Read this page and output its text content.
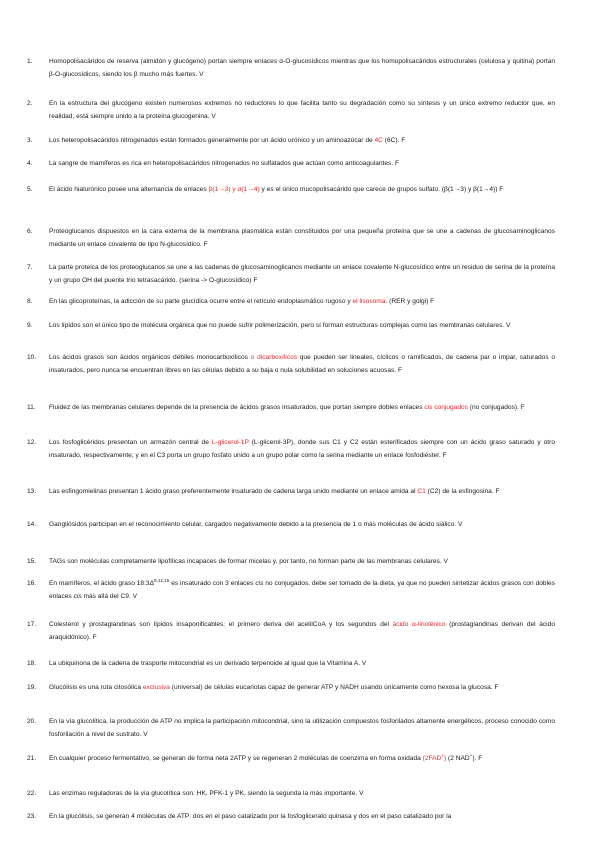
1.	Homopolisacáridos de reserva (almidón y glucógeno) portan siempre enlaces α-O-glucosídicos mientras que los homopolisacáridos estructurales (celulosa y quitina) portan β-O-glucosídicos, siendo los β mucho más fuertes. V
2.	En la estructura del glucógeno existen numerosos extremos no reductores lo que facilita tanto su degradación como su síntesis y un único extremo reductor que, en realidad, está siempre unido a la proteína glucogenina. V
3.	Los heteropolisacáridos nitrogenados están formados generalmente por un ácido urónico y un aminoazúcar de 4C (6C). F
4.	La sangre de mamíferos es rica en heteropolisacáridos nitrogenados no sulfatados que actúan como anticoagulantes. F
5.	El ácido hialurónico posee una alternancia de enlaces β(1→3) y α(1→4) y es el único mucopolisacárido que carece de grupos sulfato. (β(1→3) y β(1→4)) F
6.	Proteoglucanos dispuestos en la cara externa de la membrana plasmática están constituidos por una pequeña proteína que se une a cadenas de glucosaminoglicanos mediante un enlace covalente de tipo N-glucosídico. F
7.	La parte proteica de los proteoglucanos se une a las cadenas de glucosaminoglicanos mediante un enlace covalente N-glucosídico entre un residuo de serina de la proteína y un grupo OH del puente trio tetrasacárido. (serina -> O-glucosídico) F
8.	En las glicoproteínas, la adicción de su parte glucídica ocurre entre el retículo endoplasmático rugoso y el lisosoma. (RER y golgi) F
9.	Los lípidos son el único tipo de molécula orgánica que no puede sufrir polimerización, pero sí forman estructuras complejas como las membranas celulares. V
10.	Los ácidos grasos son ácidos orgánicos débiles monocarboxílicos o dicarboxílicos que pueden ser lineales, cíclicos o ramificados, de cadena par o impar, saturados o insaturados, pero nunca se encuentran libres en las células debido a su baja o nula solubilidad en soluciones acuosas. F
11.	Fluidez de las membranas celulares depende de la presencia de ácidos grasos insaturados, que portan siempre dobles enlaces cis conjugados (no conjugados). F
12.	Los fosfoglicéridos presentan un armazón central de L-glicerol-1P (L-glicerol-3P), donde sus C1 y C2 están esterificados siempre con un ácido graso saturado y otro insaturado, respectivamente; y en el C3 porta un grupo fosfato unido a un grupo polar como la serina mediante un enlace fosfodiéster. F
13.	Las esfingomielinas presentan 1 ácido graso preferentemente insaturado de cadena larga unido mediante un enlace amida al C1 (C2) de la esfingosina. F
14.	Gangliósidos participan en el reconocimiento celular, cargados negativamente debido a la presencia de 1 o más moléculas de ácido siálico. V
15.	TAGs son moléculas completamente lipofílicas incapaces de formar micelas y, por tanto, no forman parte de las membranas celulares. V
16.	En mamíferos, el ácido graso $18:3\Delta^{9,12,15}$ es insaturado con 3 enlaces cis no conjugados, debe ser tomado de la dieta, ya que no pueden sintetizar ácidos grasos con dobles enlaces cis más allá del C9. V
17.	Colesterol y prostaglandinas son lípidos insaponificables: el primero deriva del acetilCoA y los segundos del ácido α-linolénico (prostaglandinas derivan del ácido araquidónico). F
18.	La ubiquinona de la cadena de trasporte mitocondrial es un derivado terpenoide al igual que la Vitamina A. V
19.	Glucólisis es una ruta citosólica exclusiva (universal) de células eucariotas capaz de generar ATP y NADH usando únicamente como hexosa la glucosa. F
20.	En la vía glucolítica, la producción de ATP no implica la participación mitocondrial, sino la utilización compuestos fosforilados altamente energéticos, proceso conocido como fosforilación a nivel de sustrato. V
21.	En cualquier proceso fermentativo, se generan de forma neta 2ATP y se regeneran 2 moléculas de coenzima en forma oxidada (2FAD+) (2 NAD+). F
22.	Las enzimas reguladoras de la vía glucolítica son: HK, PFK-1 y PK, siendo la segunda la más importante. V
23.	En la glucólisis, se generan 4 moléculas de ATP: dos en el paso catalizado por la fosfoglicerato quinasa y dos en el paso catalizado por la
